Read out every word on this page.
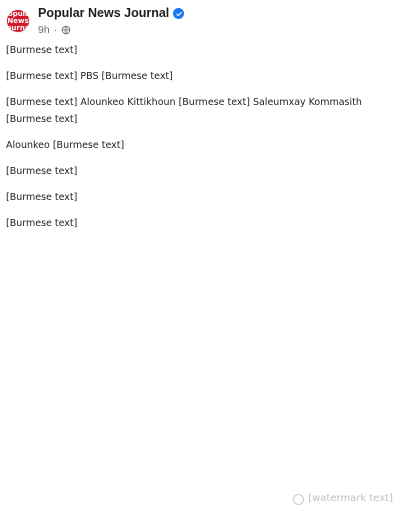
Popular News Journal
Popular News Journal
9h ·

[Burmese text]

[Burmese text] PBS [Burmese text]

[Burmese text] Alounkeo Kittikhoun [Burmese text] Saleumxay Kommasith [Burmese text]

Alounkeo [Burmese text]

[Burmese text]

[Burmese text]

[Burmese text]

[watermark text]
